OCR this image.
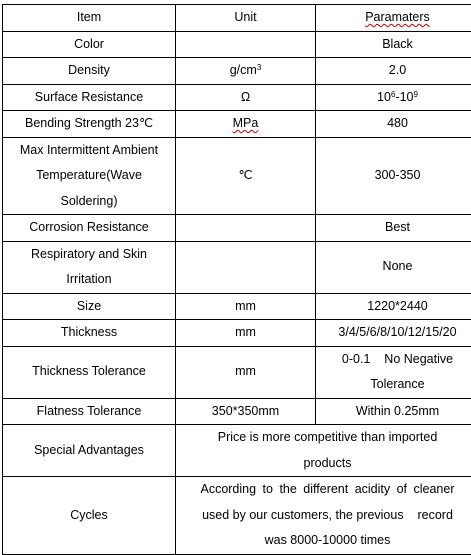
Item	Unit	Paramaters
Color		Black
Density	$g/cm^3$	2.0
Surface Resistance	Ω	$10^6-10^9$
Bending Strength 23℃	MPa	480

Max Intermittent Ambient
Temperature(Wave
Soldering)	℃	300-350
Corrosion Resistance		Best

Respiratory and Skin
Irritation		None
Size	mm	1220*2440
Thickness	mm	3/4/5/6/8/10/12/15/20
Thickness Tolerance	mm	0-0.1    No Negative
Tolerance

Flatness Tolerance	350*350mm	Within 0.25mm
Special Advantages	Price is more competitive than imported
products	

Cycles	According to the different acidity of cleaner
used by our customers, the previous    record
was 8000-10000 times	
